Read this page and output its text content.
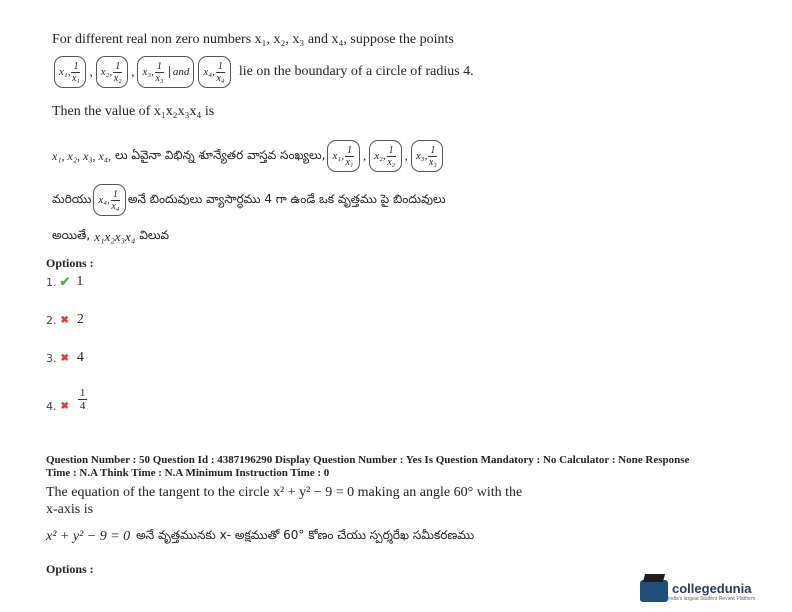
For different real non zero numbers x₁, x₂, x₃ and x₄, suppose the points
x₁ , $\frac{1}{\text{x₁}}$ , x₂ , $\frac{1}{\text{x₂}}$ , x₃ , $\frac{1}{\text{x₃}}$ and x₄ , $\frac{1}{\text{x₄}}$ lie on the boundary of a circle of radius 4.
Then the value of x₁x₂x₃x₄ is
x₁, x₂, x₃, x₄, లు ఏవైనా విభిన్న శూన్యేతర వాస్తవ సంఖ్యలు, x₁ , $\frac{1}{\text{x₁}}$ , x₂ , $\frac{1}{\text{x₂}}$ , x₃ , $\frac{1}{\text{x₃}}$
మరియు x₄ , $\frac{1}{\text{x₄}}$ అనే బిందువులు వ్యాసార్ధము 4 గా ఉండే ఒక వృత్తము పై బిందువులు
అయితే, x₁x₂x₃x₄ విలువ
Options :
1. ✔ 1
2. ✖ 2
3. ✖ 4
4. ✖ $\frac{1}{4}$
Question Number : 50 Question Id : 4387196290 Display Question Number : Yes Is Question Mandatory : No Calculator : None Response
Time : N.A Think Time : N.A Minimum Instruction Time : 0
The equation of the tangent to the circle x² + y² − 9 = 0 making an angle 60° with the
x-axis is
x² + y² − 9 = 0 అనే వృత్తమునకు x- అక్షముతో 60° కోణం చేయు స్పర్శరేఖ సమీకరణము
Options :
collegedunia
India's largest Student Review Platform
